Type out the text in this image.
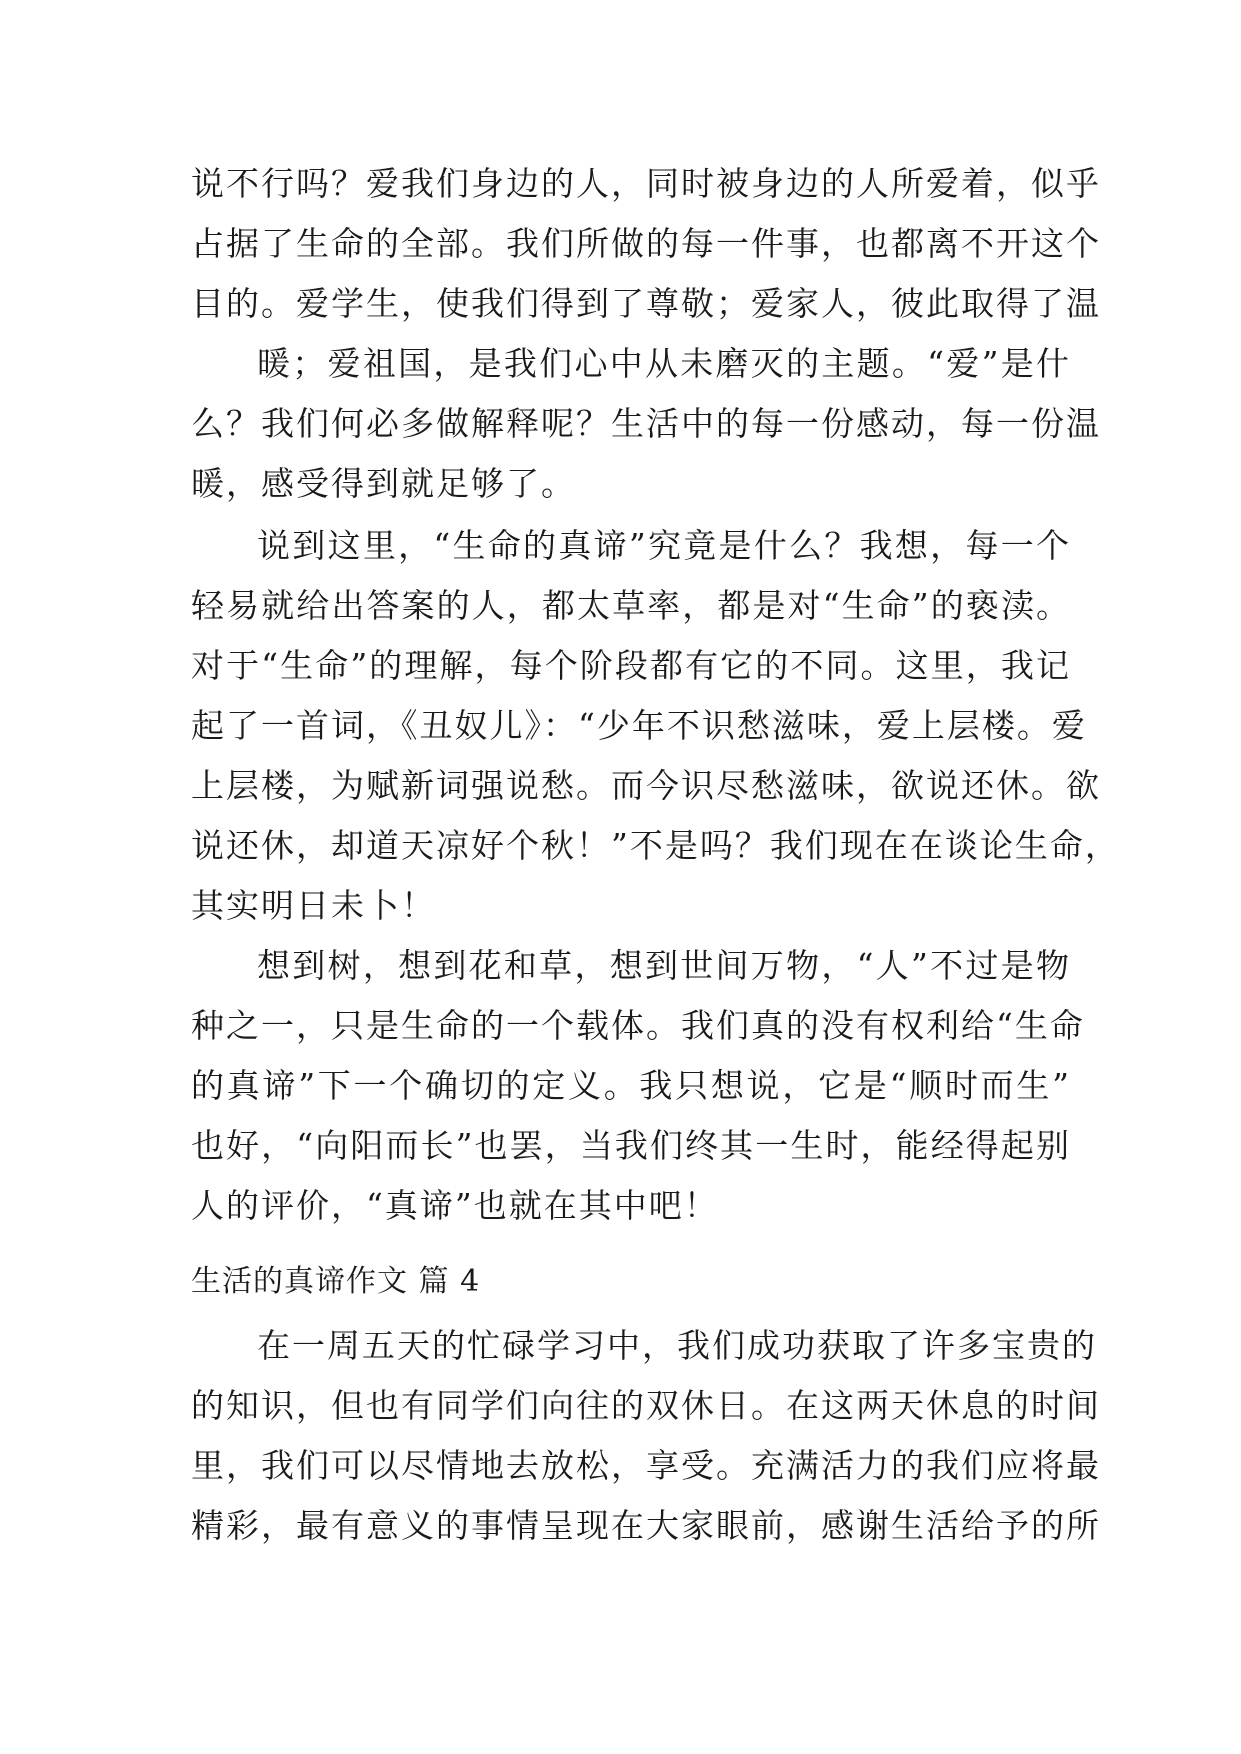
说不行吗？爱我们身边的人，同时被身边的人所爱着，似乎
占据了生命的全部。我们所做的每一件事，也都离不开这个
目的。爱学生，使我们得到了尊敬；爱家人，彼此取得了温
暖；爱祖国，是我们心中从未磨灭的主题。“爱”是什
么？我们何必多做解释呢？生活中的每一份感动，每一份温
暖，感受得到就足够了。
说到这里，“生命的真谛”究竟是什么？我想，每一个
轻易就给出答案的人，都太草率，都是对“生命”的亵渎。
对于“生命”的理解，每个阶段都有它的不同。这里，我记
起了一首词，《丑奴儿》：“少年不识愁滋味，爱上层楼。爱
上层楼，为赋新词强说愁。而今识尽愁滋味，欲说还休。欲
说还休，却道天凉好个秋！”不是吗？我们现在在谈论生命，
其实明日未卜！
想到树，想到花和草，想到世间万物，“人”不过是物
种之一，只是生命的一个载体。我们真的没有权利给“生命
的真谛”下一个确切的定义。我只想说，它是“顺时而生”
也好，“向阳而长”也罢，当我们终其一生时，能经得起别
人的评价，“真谛”也就在其中吧！
生活的真谛作文 篇 4
在一周五天的忙碌学习中，我们成功获取了许多宝贵的
的知识，但也有同学们向往的双休日。在这两天休息的时间
里，我们可以尽情地去放松，享受。充满活力的我们应将最
精彩，最有意义的事情呈现在大家眼前，感谢生活给予的所
